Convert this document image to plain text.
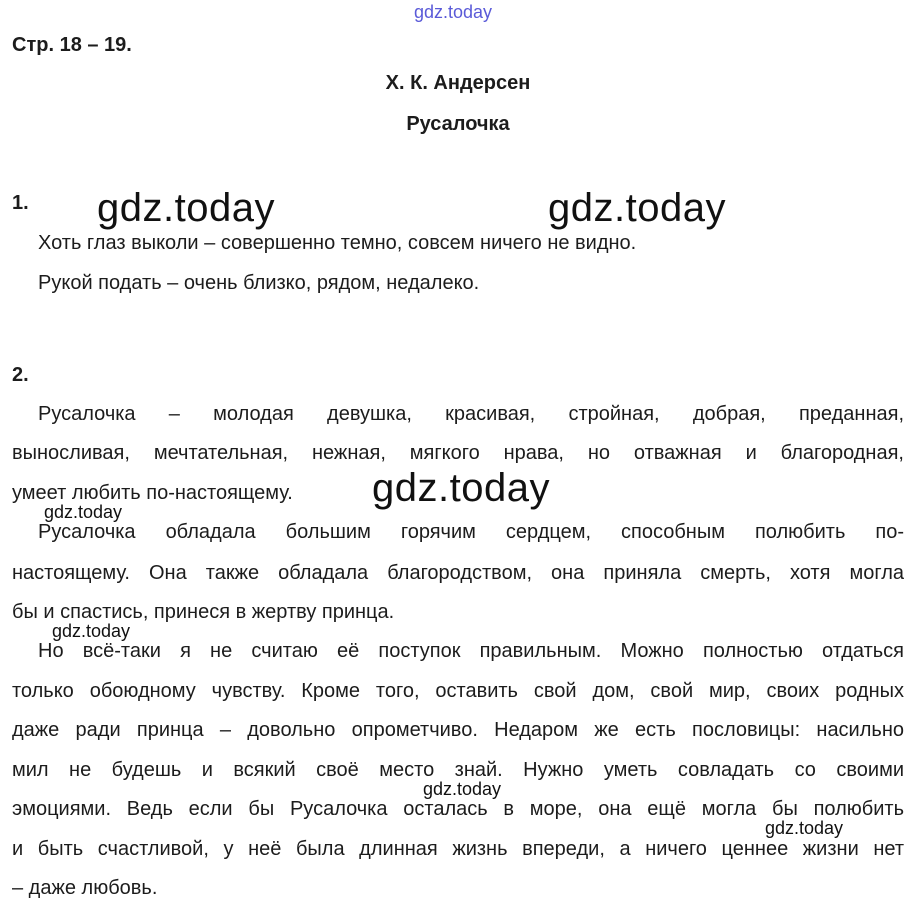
gdz.today
Стр. 18 – 19.
Х. К. Андерсен
Русалочка
1. gdz.today	gdz.today
Хоть глаз выколи – совершенно темно, совсем ничего не видно.
Рукой подать – очень близко, рядом, недалеко.
2.
Русалочка – молодая девушка, красивая, стройная, добрая, преданная,
выносливая, мечтательная, нежная, мягкого нрава, но отважная и благородная,
умеет любить по-настоящему. gdz.today
gdz.today
Русалочка обладала большим горячим сердцем, способным полюбить по-
настоящему. Она также обладала благородством, она приняла смерть, хотя могла
бы и спастись, принеся в жертву принца.
gdz.today
Но всё-таки я не считаю её поступок правильным. Можно полностью отдаться
только обоюдному чувству. Кроме того, оставить свой дом, свой мир, своих родных
даже ради принца – довольно опрометчиво. Недаром же есть пословицы: насильно
мил не будешь и всякий своё место знай. Нужно уметь совладать со своими
gdz.today
эмоциями. Ведь если бы Русалочка осталась в море, она ещё могла бы полюбить
gdz.today
и быть счастливой, у неё была длинная жизнь впереди, а ничего ценнее жизни нет
– даже любовь.
